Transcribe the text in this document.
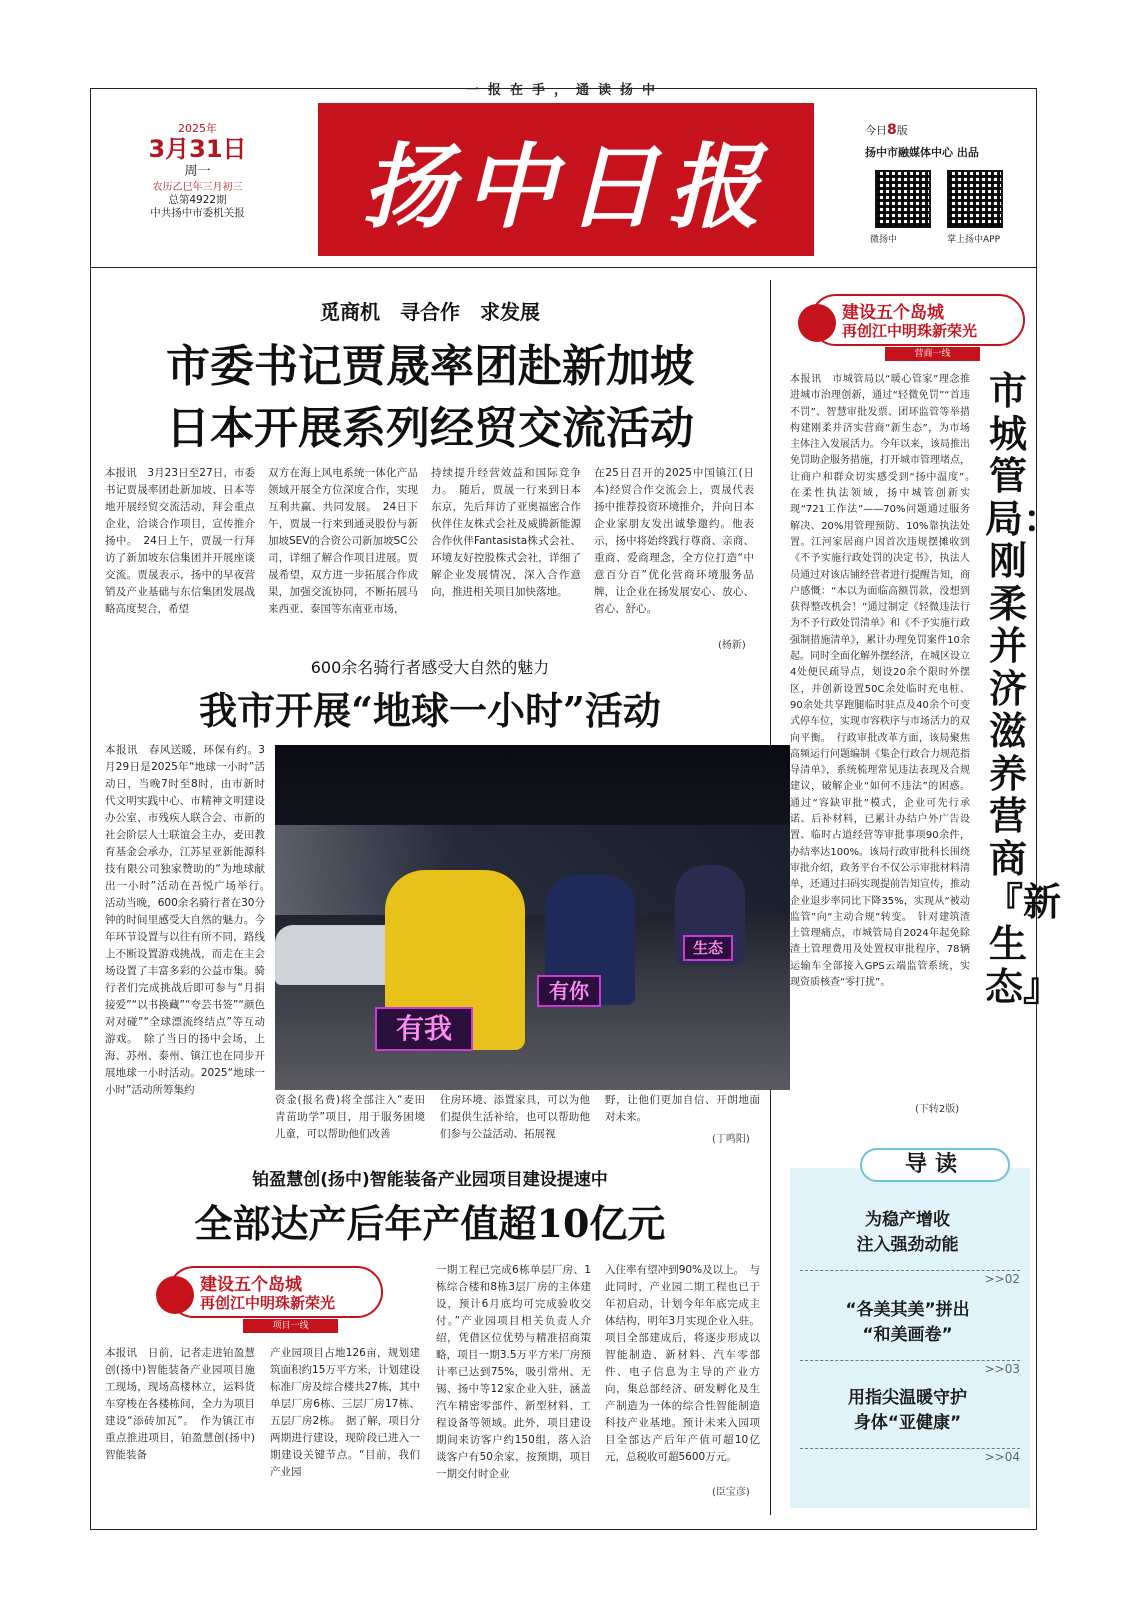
一报在手，通读扬中
2025年
3月31日
周一
农历乙巳年三月初三
总第4922期
中共扬中市委机关报 扬中日报
今日8版
扬中市融媒体中心 出品
微扬中	掌上扬中APP
觅商机　寻合作　求发展
市委书记贾晟率团赴新加坡
日本开展系列经贸交流活动
本报讯　3月23日至27日，市委书记贾晟率团赴新加坡、日本等地开展经贸交流活动，拜会重点企业，洽谈合作项目，宣传推介扬中。　24日上午，贾晟一行拜访了新加坡东信集团并开展座谈交流。贾晟表示，扬中的早夜营销及产业基础与东信集团发展战略高度契合，希望
双方在海上风电系统一体化产品领域开展全方位深度合作，实现互利共赢、共同发展。　24日下午，贾晟一行来到通灵股份与新加坡SEV的合资公司新加坡SC公司，详细了解合作项目进展。贾晟希望，双方进一步拓展合作成果，加强交流协同，不断拓展马来西亚、泰国等东南亚市场，
持续提升经营效益和国际竞争力。　随后，贾晟一行来到日本东京，先后拜访了亚奥福密合作伙伴住友株式会社及威腾新能源合作伙伴Fantasista株式会社、环境友好控股株式会社，详细了解企业发展情况，深入合作意向，推进相关项目加快落地。
在25日召开的2025中国镇江(日本)经贸合作交流会上，贾晟代表扬中推荐投资环境推介，并向日本企业家朋友发出诚挚邀约。他表示，扬中将始终践行尊商、亲商、重商、爱商理念，全方位打造“中意百分百”优化营商环境服务品牌，让企业在扬发展安心、放心、省心、舒心。
(杨新)
600余名骑行者感受大自然的魅力
我市开展“地球一小时”活动
本报讯　春风送暖，环保有约。3月29日是2025年“地球一小时”活动日，当晚7时至8时，由市新时代文明实践中心、市精神文明建设办公室、市残疾人联合会、市新的社会阶层人士联谊会主办，麦田教育基金会承办，江苏星亚新能源科技有限公司独家赞助的“为地球献出一小时”活动在吾悦广场举行。　活动当晚，600余名骑行者在30分钟的时间里感受大自然的魅力。今年环节设置与以往有所不同，路线上不断设置游戏挑战，而走在主会场设置了丰富多彩的公益市集。骑行者们完成挑战后即可参与“月捐接爱”“以书换藏”“夸芸书签”“颜色对对碰”“全球漂流终结点”等互动游戏。　除了当日的扬中会场，上海、苏州、泰州、镇江也在同步开展地球一小时活动。2025“地球一小时”活动所筹集约
有我
有你
生态
资金(报名费)将全部注入“麦田青苗助学”项目，用于服务困境儿童，可以帮助他们改善
住房环境、添置家具，可以为他们提供生活补给，也可以帮助他们参与公益活动、拓展视
野，让他们更加自信、开朗地面对未来。
(丁鸣阳)
铂盈慧创(扬中)智能装备产业园项目建设提速中
全部达产后年产值超10亿元
建设五个岛城
再创江中明珠新荣光
项目一线
本报讯　日前，记者走进铂盈慧创(扬中)智能装备产业园项目施工现场，现场高楼林立，运料货车穿梭在各楼栋间，全力为项目建设“添砖加瓦”。　作为镇江市重点推进项目，铂盈慧创(扬中)智能装备
产业园项目占地126亩，规划建筑面积约15万平方米，计划建设标准厂房及综合楼共27栋，其中单层厂房6栋、三层厂房17栋、五层厂房2栋。　据了解，项目分两期进行建设，现阶段已进入一期建设关键节点。“目前，我们产业园
一期工程已完成6栋单层厂房、1栋综合楼和8栋3层厂房的主体建设，预计6月底均可完成验收交付。”产业园项目相关负责人介绍，凭借区位优势与精准招商策略，项目一期3.5万平方米厂房预计率已达到75%，吸引常州、无锡、扬中等12家企业入驻，涵盖汽车精密零部件、新型材料、工程设备等领域。此外，项目建设期间来访客户约150组，落入洽谈客户有50余家，按预期，项目一期交付时企业
入住率有望冲到90%及以上。　与此同时，产业园二期工程也已于年初启动，计划今年年底完成主体结构，明年3月实现企业入驻。项目全部建成后，将逐步形成以智能制造、新材料、汽车零部件、电子信息为主导的产业方向，集总部经济、研发孵化及生产制造为一体的综合性智能制造科技产业基地。预计未来入园项目全部达产后年产值可超10亿元，总税收可超5600万元。
(臣宝彦)
建设五个岛城
再创江中明珠新荣光
营商一线
本报讯　市城管局以“暖心管家”理念推进城市治理创新，通过“轻微免罚”“首违不罚”、智慧审批发票、团环监管等举措构建刚柔并济实营商“新生态”，为市场主体注入发展活力。今年以来，该局推出免罚助企服务措施，打开城市管理堵点，让商户和群众切实感受到“扬中温度”。　在柔性执法领域，扬中城管创新实现“721工作法”——70%问题通过服务解决、20%用管理预防、10%靠执法处置。江河家居商户因首次违规摆摊收到《不予实施行政处罚的决定书》，执法人员通过对该店铺经营者进行提醒告知，商户感慨：“本以为面临高额罚款，没想到获得整改机会！”通过制定《轻微违法行为不予行政处罚清单》和《不予实施行政强制措施清单》，累计办理免罚案件10余起。同时全面化解外摆经济，在城区设立4处便民疏导点，划设20余个限时外摆区，并创新设置50C余处临时充电桩、90余处共享跑腿临时驻点及40余个可变式停车位，实现市容秩序与市场活力的双向平衡。　行政审批改革方面，该局聚焦高频运行问题编制《集企行政合力规范指导清单》，系统梳理常见违法表现及合规建议，破解企业“如何不违法”的困惑。通过“容缺审批”模式，企业可先行承诺、后补材料，已累计办结户外广告设置、临时占道经营等审批事项90余件，办结率达100%。该局行政审批科长围绕审批介绍，政务平台不仅公示审批材料清单，还通过扫码实现提前告知宣传，推动企业退步率同比下降35%，实现从“被动监管”向“主动合规”转变。　针对建筑渣土管理痛点，市城管局自2024年起免除渣土管理费用及处置权审批程序，78辆运输车全部接入GPS云端监管系统，实现资质核查“零打扰”。
(下转2版)
市城管局：刚柔并济滋养营商『新生态』
导读
为稳产增收
注入强劲动能
>>02
“各美其美”拼出
“和美画卷”
>>03
用指尖温暖守护
身体“亚健康”
>>04
